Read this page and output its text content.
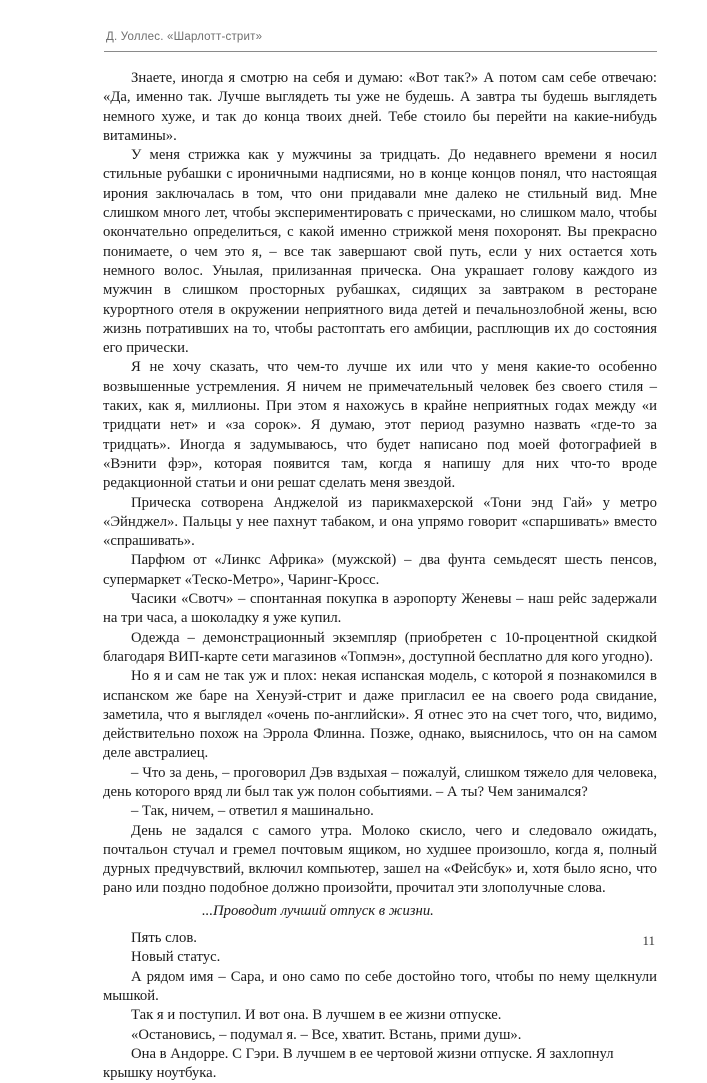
Д. Уоллес. «Шарлотт-стрит»

Знаете, иногда я смотрю на себя и думаю: «Вот так?» А потом сам себе отвечаю: «Да, именно так. Лучше выглядеть ты уже не будешь. А завтра ты будешь выглядеть немного хуже, и так до конца твоих дней. Тебе стоило бы перейти на какие-нибудь витамины».

У меня стрижка как у мужчины за тридцать. До недавнего времени я носил стильные рубашки с ироничными надписями, но в конце концов понял, что настоящая ирония заключалась в том, что они придавали мне далеко не стильный вид. Мне слишком много лет, чтобы экспериментировать с прическами, но слишком мало, чтобы окончательно определиться, с какой именно стрижкой меня похоронят. Вы прекрасно понимаете, о чем это я, – все так завершают свой путь, если у них остается хоть немного волос. Унылая, прилизанная прическа. Она украшает голову каждого из мужчин в слишком просторных рубашках, сидящих за завтраком в ресторане курортного отеля в окружении неприятного вида детей и печальнозлобной жены, всю жизнь потративших на то, чтобы растоптать его амбиции, расплющив их до состояния его прически.

Я не хочу сказать, что чем-то лучше их или что у меня какие-то особенно возвышенные устремления. Я ничем не примечательный человек без своего стиля – таких, как я, миллионы. При этом я нахожусь в крайне неприятных годах между «и тридцати нет» и «за сорок». Я думаю, этот период разумно назвать «где-то за тридцать». Иногда я задумываюсь, что будет написано под моей фотографией в «Вэнити фэр», которая появится там, когда я напишу для них что-то вроде редакционной статьи и они решат сделать меня звездой.

Прическа сотворена Анджелой из парикмахерской «Тони энд Гай» у метро «Эйнджел». Пальцы у нее пахнут табаком, и она упрямо говорит «спаршивать» вместо «спрашивать».

Парфюм от «Линкс Африка» (мужской) – два фунта семьдесят шесть пенсов, супермаркет «Теско-Метро», Чаринг-Кросс.

Часики «Свотч» – спонтанная покупка в аэропорту Женевы – наш рейс задержали на три часа, а шоколадку я уже купил.

Одежда – демонстрационный экземпляр (приобретен с 10-процентной скидкой благодаря ВИП-карте сети магазинов «Топмэн», доступной бесплатно для кого угодно).

Но я и сам не так уж и плох: некая испанская модель, с которой я познакомился в испанском же баре на Хенуэй-стрит и даже пригласил ее на своего рода свидание, заметила, что я выглядел «очень по-английски». Я отнес это на счет того, что, видимо, действительно похож на Эррола Флинна. Позже, однако, выяснилось, что он на самом деле австралиец.

– Что за день, – проговорил Дэв вздыхая – пожалуй, слишком тяжело для человека, день которого вряд ли был так уж полон событиями. – А ты? Чем занимался?

– Так, ничем, – ответил я машинально.

День не задался с самого утра. Молоко скисло, чего и следовало ожидать, почтальон стучал и гремел почтовым ящиком, но худшее произошло, когда я, полный дурных предчувствий, включил компьютер, зашел на «Фейсбук» и, хотя было ясно, что рано или поздно подобное должно произойти, прочитал эти злополучные слова.

...Проводит лучший отпуск в жизни.

Пять слов.

Новый статус.

А рядом имя – Сара, и оно само по себе достойно того, чтобы по нему щелкнули мышкой.

Так я и поступил. И вот она. В лучшем в ее жизни отпуске.

«Остановись, – подумал я. – Все, хватит. Встань, прими душ».

Она в Андорре. С Гэри. В лучшем в ее чертовой жизни отпуске. Я захлопнул крышку ноутбука.

11
